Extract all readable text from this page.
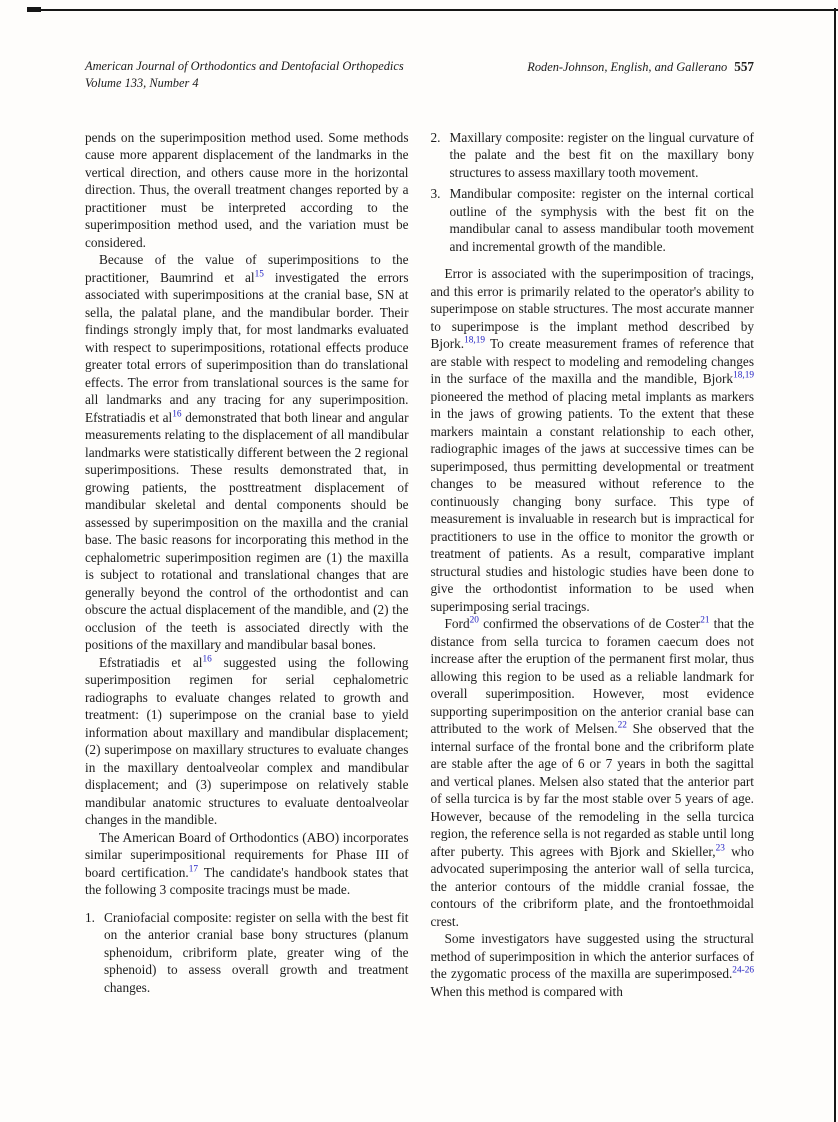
American Journal of Orthodontics and Dentofacial Orthopedics
Volume 133, Number 4
Roden-Johnson, English, and Gallerano 557

pends on the superimposition method used. Some methods cause more apparent displacement of the landmarks in the vertical direction, and others cause more in the horizontal direction. Thus, the overall treatment changes reported by a practitioner must be interpreted according to the superimposition method used, and the variation must be considered.

Because of the value of superimpositions to the practitioner, Baumrind et al$^{15}$ investigated the errors associated with superimpositions at the cranial base, SN at sella, the palatal plane, and the mandibular border. Their findings strongly imply that, for most landmarks evaluated with respect to superimpositions, rotational effects produce greater total errors of superimposition than do translational effects. The error from translational sources is the same for all landmarks and any tracing for any superimposition. Efstratiadis et al$^{16}$ demonstrated that both linear and angular measurements relating to the displacement of all mandibular landmarks were statistically different between the 2 regional superimpositions. These results demonstrated that, in growing patients, the posttreatment displacement of mandibular skeletal and dental components should be assessed by superimposition on the maxilla and the cranial base. The basic reasons for incorporating this method in the cephalometric superimposition regimen are (1) the maxilla is subject to rotational and translational changes that are generally beyond the control of the orthodontist and can obscure the actual displacement of the mandible, and (2) the occlusion of the teeth is associated directly with the positions of the maxillary and mandibular basal bones.

Efstratiadis et al$^{16}$ suggested using the following superimposition regimen for serial cephalometric radiographs to evaluate changes related to growth and treatment: (1) superimpose on the cranial base to yield information about maxillary and mandibular displacement; (2) superimpose on maxillary structures to evaluate changes in the maxillary dentoalveolar complex and mandibular displacement; and (3) superimpose on relatively stable mandibular anatomic structures to evaluate dentoalveolar changes in the mandible.

The American Board of Orthodontics (ABO) incorporates similar superimpositional requirements for Phase III of board certification.$^{17}$ The candidate's handbook states that the following 3 composite tracings must be made.

1. Craniofacial composite: register on sella with the best fit on the anterior cranial base bony structures (planum sphenoidum, cribriform plate, greater wing of the sphenoid) to assess overall growth and treatment changes.

2. Maxillary composite: register on the lingual curvature of the palate and the best fit on the maxillary bony structures to assess maxillary tooth movement.

3. Mandibular composite: register on the internal cortical outline of the symphysis with the best fit on the mandibular canal to assess mandibular tooth movement and incremental growth of the mandible.

Error is associated with the superimposition of tracings, and this error is primarily related to the operator's ability to superimpose on stable structures. The most accurate manner to superimpose is the implant method described by Bjork.$^{18,19}$ To create measurement frames of reference that are stable with respect to modeling and remodeling changes in the surface of the maxilla and the mandible, Bjork$^{18,19}$ pioneered the method of placing metal implants as markers in the jaws of growing patients. To the extent that these markers maintain a constant relationship to each other, radiographic images of the jaws at successive times can be superimposed, thus permitting developmental or treatment changes to be measured without reference to the continuously changing bony surface. This type of measurement is invaluable in research but is impractical for practitioners to use in the office to monitor the growth or treatment of patients. As a result, comparative implant structural studies and histologic studies have been done to give the orthodontist information to be used when superimposing serial tracings.

Ford$^{20}$ confirmed the observations of de Coster$^{21}$ that the distance from sella turcica to foramen caecum does not increase after the eruption of the permanent first molar, thus allowing this region to be used as a reliable landmark for overall superimposition. However, most evidence supporting superimposition on the anterior cranial base can attributed to the work of Melsen.$^{22}$ She observed that the internal surface of the frontal bone and the cribriform plate are stable after the age of 6 or 7 years in both the sagittal and vertical planes. Melsen also stated that the anterior part of sella turcica is by far the most stable over 5 years of age. However, because of the remodeling in the sella turcica region, the reference sella is not regarded as stable until long after puberty. This agrees with Bjork and Skieller,$^{23}$ who advocated superimposing the anterior wall of sella turcica, the anterior contours of the middle cranial fossae, the contours of the cribriform plate, and the frontoethmoidal crest.

Some investigators have suggested using the structural method of superimposition in which the anterior surfaces of the zygomatic process of the maxilla are superimposed.$^{24-26}$ When this method is compared with
